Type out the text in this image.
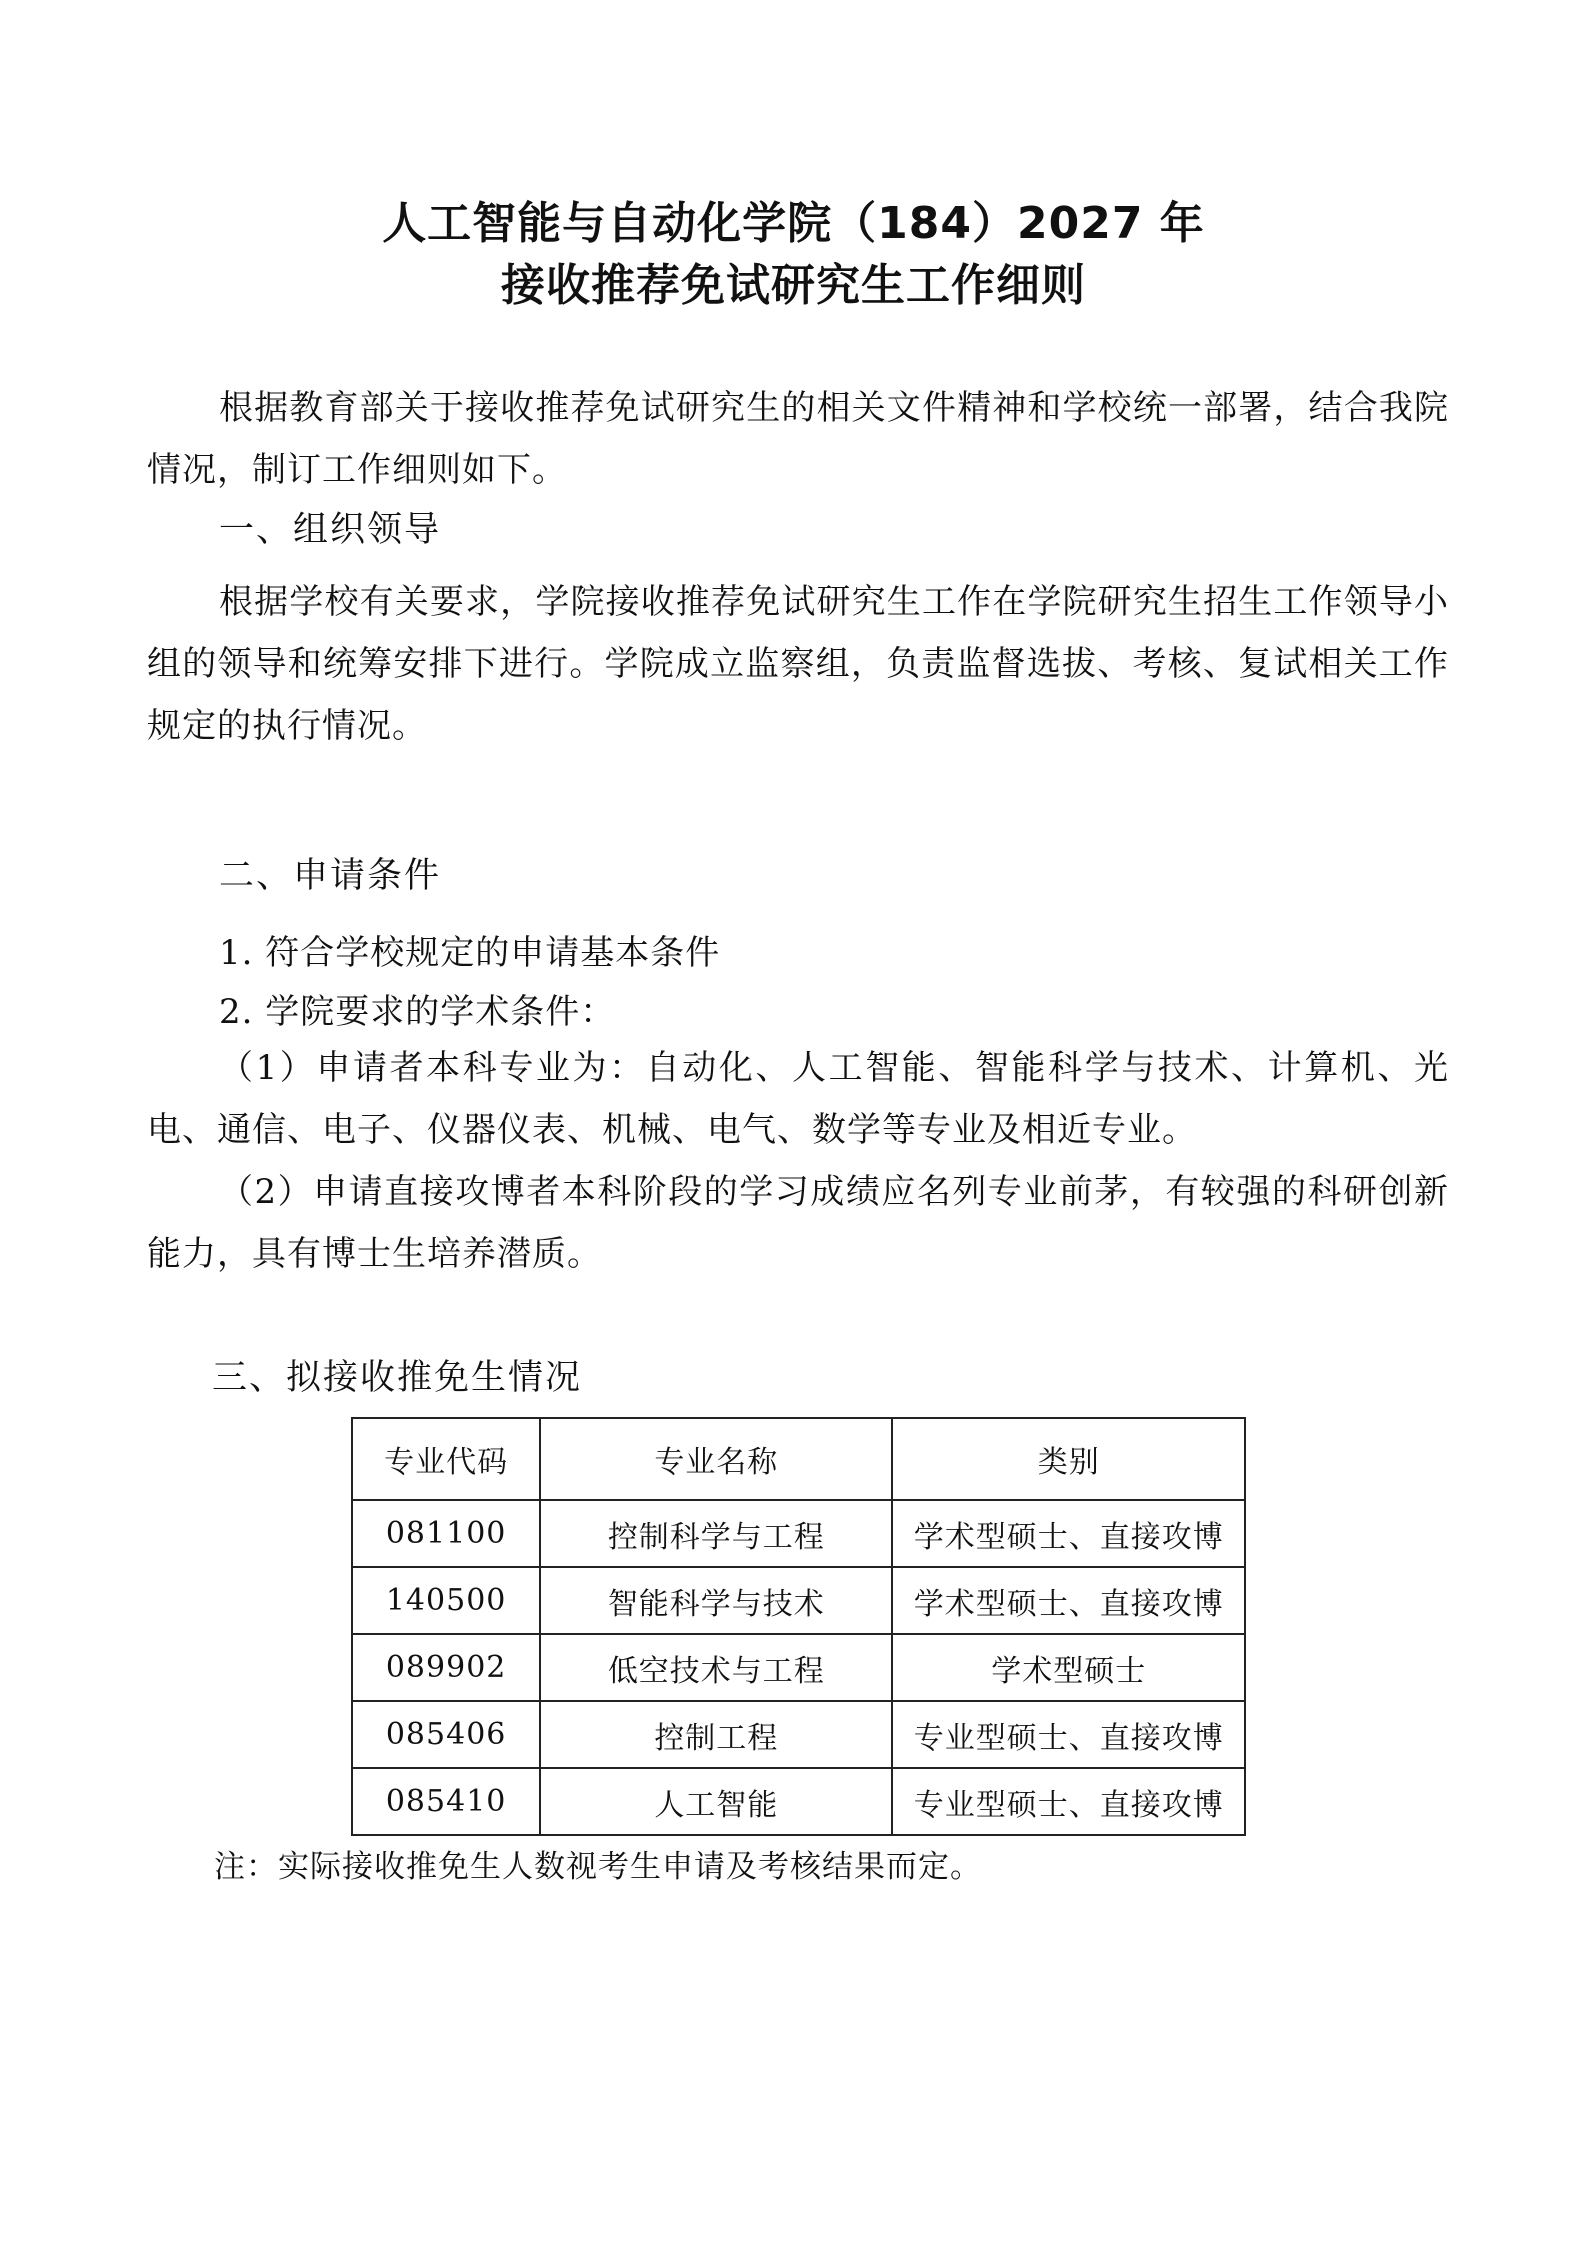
人工智能与自动化学院（184）2027 年
接收推荐免试研究生工作细则
根据教育部关于接收推荐免试研究生的相关文件精神和学校统一部署，结合我院情况，制订工作细则如下。
一、组织领导
根据学校有关要求，学院接收推荐免试研究生工作在学院研究生招生工作领导小组的领导和统筹安排下进行。学院成立监察组，负责监督选拔、考核、复试相关工作规定的执行情况。
二、申请条件
1. 符合学校规定的申请基本条件
2. 学院要求的学术条件：
（1）申请者本科专业为：自动化、人工智能、智能科学与技术、计算机、光电、通信、电子、仪器仪表、机械、电气、数学等专业及相近专业。
（2）申请直接攻博者本科阶段的学习成绩应名列专业前茅，有较强的科研创新能力，具有博士生培养潜质。
三、拟接收推免生情况
专业代码	专业名称	类别
081100	控制科学与工程	学术型硕士、直接攻博
140500	智能科学与技术	学术型硕士、直接攻博
089902	低空技术与工程	学术型硕士
085406	控制工程	专业型硕士、直接攻博
085410	人工智能	专业型硕士、直接攻博
注：实际接收推免生人数视考生申请及考核结果而定。
